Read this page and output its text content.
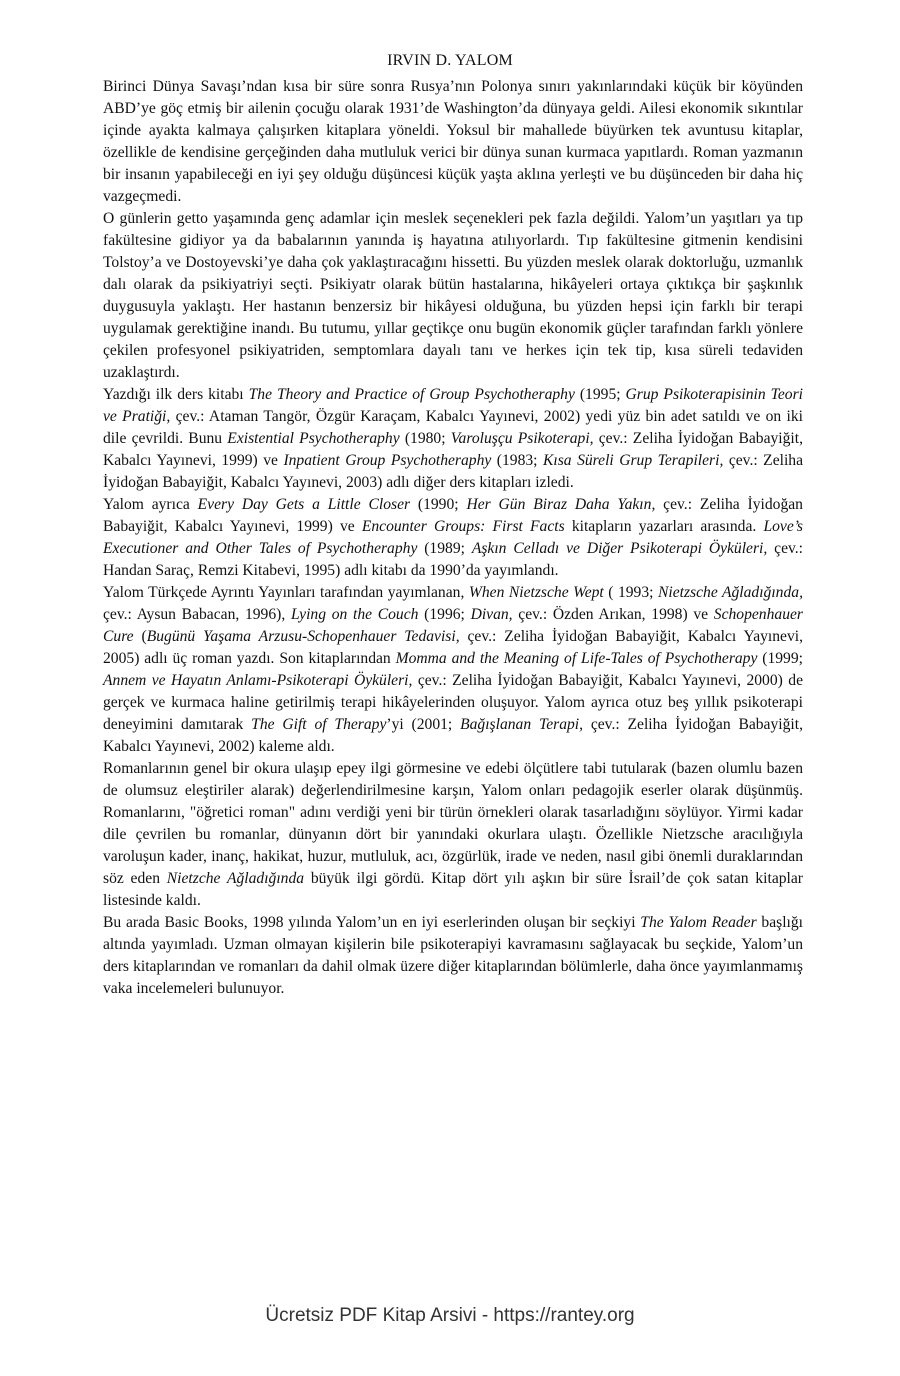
IRVIN D. YALOM

Birinci Dünya Savaşı’ndan kısa bir süre sonra Rusya’nın Polonya sınırı yakınlarındaki küçük bir köyünden ABD’ye göç etmiş bir ailenin çocuğu olarak 1931’de Washington’da dünyaya geldi. Ailesi ekonomik sıkıntılar içinde ayakta kalmaya çalışırken kitaplara yöneldi. Yoksul bir mahallede büyürken tek avuntusu kitaplar, özellikle de kendisine gerçeğinden daha mutluluk verici bir dünya sunan kurmaca yapıtlardı. Roman yazmanın bir insanın yapabileceği en iyi şey olduğu düşüncesi küçük yaşta aklına yerleşti ve bu düşünceden bir daha hiç vazgeçmedi.

O günlerin getto yaşamında genç adamlar için meslek seçenekleri pek fazla değildi. Yalom’un yaşıtları ya tıp fakültesine gidiyor ya da babalarının yanında iş hayatına atılıyorlardı. Tıp fakültesine gitmenin kendisini Tolstoy’a ve Dostoyevski’ye daha çok yaklaştıracağını hissetti. Bu yüzden meslek olarak doktorluğu, uzmanlık dalı olarak da psikiyatriyi seçti. Psikiyatr olarak bütün hastalarına, hikâyeleri ortaya çıktıkça bir şaşkınlık duygusuyla yaklaştı. Her hastanın benzersiz bir hikâyesi olduğuna, bu yüzden hepsi için farklı bir terapi uygulamak gerektiğine inandı. Bu tutumu, yıllar geçtikçe onu bugün ekonomik güçler tarafından farklı yönlere çekilen profesyonel psikiyatriden, semptomlara dayalı tanı ve herkes için tek tip, kısa süreli tedaviden uzaklaştırdı.

Yazdığı ilk ders kitabı The Theory and Practice of Group Psychotheraphy (1995; Grup Psikoterapisinin Teori ve Pratiği, çev.: Ataman Tangör, Özgür Karaçam, Kabalcı Yayınevi, 2002) yedi yüz bin adet satıldı ve on iki dile çevrildi. Bunu Existential Psychotheraphy (1980; Varoluşçu Psikoterapi, çev.: Zeliha İyidoğan Babayiğit, Kabalcı Yayınevi, 1999) ve Inpatient Group Psychotheraphy (1983; Kısa Süreli Grup Terapileri, çev.: Zeliha İyidoğan Babayiğit, Kabalcı Yayınevi, 2003) adlı diğer ders kitapları izledi.

Yalom ayrıca Every Day Gets a Little Closer (1990; Her Gün Biraz Daha Yakın, çev.: Zeliha İyidoğan Babayiğit, Kabalcı Yayınevi, 1999) ve Encounter Groups: First Facts kitapların yazarları arasında. Love’s Executioner and Other Tales of Psychotheraphy (1989; Aşkın Celladı ve Diğer Psikoterapi Öyküleri, çev.: Handan Saraç, Remzi Kitabevi, 1995) adlı kitabı da 1990’da yayımlandı.

Yalom Türkçede Ayrıntı Yayınları tarafından yayımlanan, When Nietzsche Wept ( 1993; Nietzsche Ağladığında, çev.: Aysun Babacan, 1996), Lying on the Couch (1996; Divan, çev.: Özden Arıkan, 1998) ve Schopenhauer Cure (Bugünü Yaşama Arzusu-Schopenhauer Tedavisi, çev.: Zeliha İyidoğan Babayiğit, Kabalcı Yayınevi, 2005) adlı üç roman yazdı. Son kitaplarından Momma and the Meaning of Life-Tales of Psychotherapy (1999; Annem ve Hayatın Anlamı-Psikoterapi Öyküleri, çev.: Zeliha İyidoğan Babayiğit, Kabalcı Yayınevi, 2000) de gerçek ve kurmaca haline getirilmiş terapi hikâyelerinden oluşuyor. Yalom ayrıca otuz beş yıllık psikoterapi deneyimini damıtarak The Gift of Therapy’yi (2001; Bağışlanan Terapi, çev.: Zeliha İyidoğan Babayiğit, Kabalcı Yayınevi, 2002) kaleme aldı.

Romanlarının genel bir okura ulaşıp epey ilgi görmesine ve edebi ölçütlere tabi tutularak (bazen olumlu bazen de olumsuz eleştiriler alarak) değerlendirilmesine karşın, Yalom onları pedagojik eserler olarak düşünmüş. Romanlarını, "öğretici roman" adını verdiği yeni bir türün örnekleri olarak tasarladığını söylüyor. Yirmi kadar dile çevrilen bu romanlar, dünyanın dört bir yanındaki okurlara ulaştı. Özellikle Nietzsche aracılığıyla varoluşun kader, inanç, hakikat, huzur, mutluluk, acı, özgürlük, irade ve neden, nasıl gibi önemli duraklarından söz eden Nietzche Ağladığında büyük ilgi gördü. Kitap dört yılı aşkın bir süre İsrail’de çok satan kitaplar listesinde kaldı.

Bu arada Basic Books, 1998 yılında Yalom’un en iyi eserlerinden oluşan bir seçkiyi The Yalom Reader başlığı altında yayımladı. Uzman olmayan kişilerin bile psikoterapiyi kavramasını sağlayacak bu seçkide, Yalom’un ders kitaplarından ve romanları da dahil olmak üzere diğer kitaplarından bölümlerle, daha önce yayımlanmamış vaka incelemeleri bulunuyor.

Ücretsiz PDF Kitap Arsivi - https://rantey.org
